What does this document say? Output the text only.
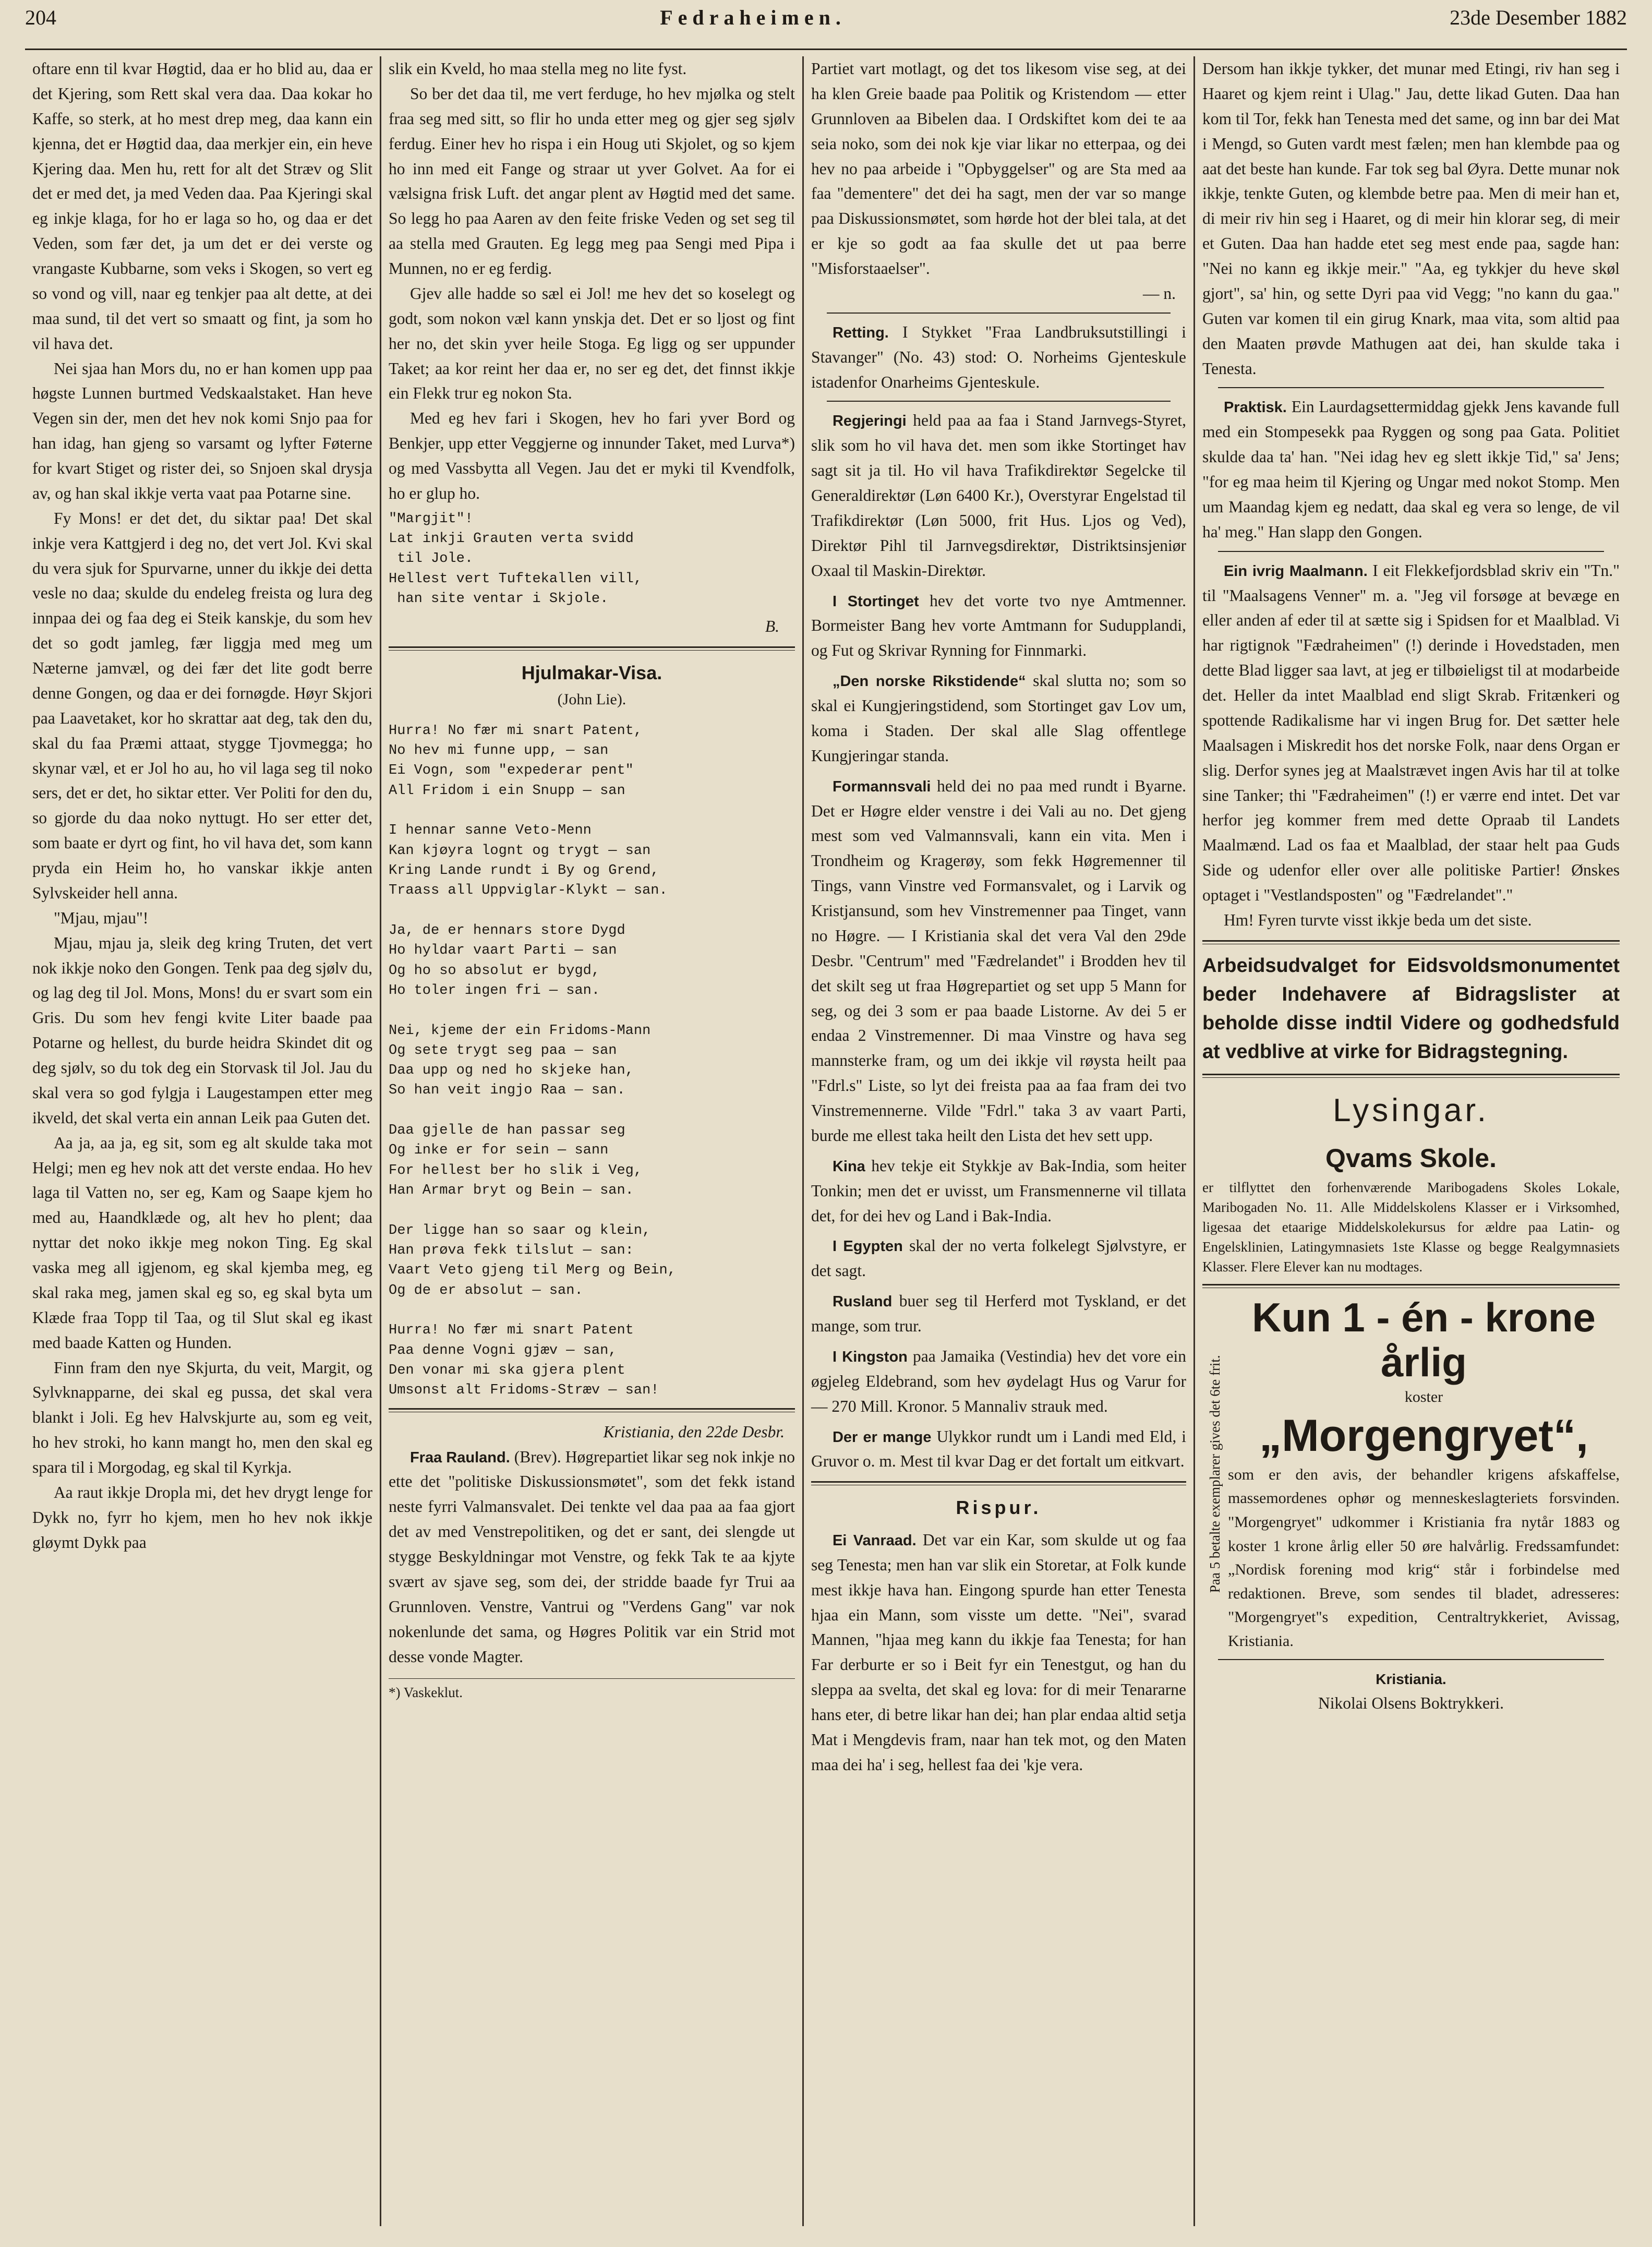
204	Fedraheimen.	23de Desember 1882

oftare enn til kvar Høgtid, daa er ho blid au, daa er det Kjering, som Rett skal vera daa. Daa kokar ho Kaffe, so sterk, at ho mest drep meg, daa kann ein kjenna, det er Høgtid daa, daa merkjer ein, ein heve Kjering daa. Men hu, rett for alt det Stræv og Slit det er med det, ja med Veden daa. Paa Kjeringi skal eg inkje klaga, for ho er laga so ho, og daa er det Veden, som fær det, ja um det er dei verste og vrangaste Kubbarne, som veks i Skogen, so vert eg so vond og vill, naar eg tenkjer paa alt dette, at dei maa sund, til det vert so smaatt og fint, ja som ho vil hava det.

Nei sjaa han Mors du, no er han komen upp paa høgste Lunnen burtmed Vedskaalstaket. Han heve Vegen sin der, men det hev nok komi Snjo paa for han idag, han gjeng so varsamt og lyfter Føterne for kvart Stiget og rister dei, so Snjoen skal drysja av, og han skal ikkje verta vaat paa Potarne sine.

Fy Mons! er det det, du siktar paa! Det skal inkje vera Kattgjerd i deg no, det vert Jol. Kvi skal du vera sjuk for Spurvarne, unner du ikkje dei detta vesle no daa; skulde du endeleg freista og lura deg innpaa dei og faa deg ei Steik kanskje, du som hev det so godt jamleg, fær liggja med meg um Næterne jamvæl, og dei fær det lite godt berre denne Gongen, og daa er dei fornøgde. Høyr Skjori paa Laavetaket, kor ho skrattar aat deg, tak den du, skal du faa Præmi attaat, stygge Tjovmegga; ho skynar væl, et er Jol ho au, ho vil laga seg til noko sers, det er det, ho siktar etter. Ver Politi for den du, so gjorde du daa noko nyttugt. Ho ser etter det, som baate er dyrt og fint, ho vil hava det, som kann pryda ein Heim ho, ho vanskar ikkje anten Sylvskeider hell anna.

"Mjau, mjau"!

Mjau, mjau ja, sleik deg kring Truten, det vert nok ikkje noko den Gongen. Tenk paa deg sjølv du, og lag deg til Jol. Mons, Mons! du er svart som ein Gris. Du som hev fengi kvite Liter baade paa Potarne og hellest, du burde heidra Skindet dit og deg sjølv, so du tok deg ein Storvask til Jol. Jau du skal vera so god fylgja i Laugestampen etter meg ikveld, det skal verta ein annan Leik paa Guten det.

Aa ja, aa ja, eg sit, som eg alt skulde taka mot Helgi; men eg hev nok att det verste endaa. Ho hev laga til Vatten no, ser eg, Kam og Saape kjem ho med au, Haandklæde og, alt hev ho plent; daa nyttar det noko ikkje meg nokon Ting. Eg skal vaska meg all igjenom, eg skal kjemba meg, eg skal raka meg, jamen skal eg so, eg skal byta um Klæde fraa Topp til Taa, og til Slut skal eg ikast med baade Katten og Hunden.

Finn fram den nye Skjurta, du veit, Margit, og Sylvknapparne, dei skal eg pussa, det skal vera blankt i Joli. Eg hev Halvskjurte au, som eg veit, ho hev stroki, ho kann mangt ho, men den skal eg spara til i Morgodag, eg skal til Kyrkja.

Aa raut ikkje Dropla mi, det hev drygt lenge for Dykk no, fyrr ho kjem, men ho hev nok ikkje gløymt Dykk paa

slik ein Kveld, ho maa stella meg no lite fyst.

So ber det daa til, me vert ferduge, ho hev mjølka og stelt fraa seg med sitt, so flir ho unda etter meg og gjer seg sjølv ferdug. Einer hev ho rispa i ein Houg uti Skjolet, og so kjem ho inn med eit Fange og straar ut yver Golvet. Aa for ei vælsigna frisk Luft. det angar plent av Høgtid med det same. So legg ho paa Aaren av den feite friske Veden og set seg til aa stella med Grauten. Eg legg meg paa Sengi med Pipa i Munnen, no er eg ferdig.

Gjev alle hadde so sæl ei Jol! me hev det so koselegt og godt, som nokon væl kann ynskja det. Det er so ljost og fint her no, det skin yver heile Stoga. Eg ligg og ser uppunder Taket; aa kor reint her daa er, no ser eg det, det finnst ikkje ein Flekk trur eg nokon Sta.

Med eg hev fari i Skogen, hev ho fari yver Bord og Benkjer, upp etter Veggjerne og innunder Taket, med Lurva*) og med Vassbytta all Vegen. Jau det er myki til Kvendfolk, ho er glup ho.

"Margjit"!
Lat inkji Grauten verta svidd
til Jole.
Hellest vert Tuftekallen vill,
han site ventar i Skjole.
B.
Hjulmakar-Visa.
(John Lie).
Hurra! No fær mi snart Patent,
No hev mi funne upp, — san
Ei Vogn, som "expederar pent"
All Fridom i ein Snupp — san

I hennar sanne Veto-Menn
Kan kjøyra lognt og trygt — san
Kring Lande rundt i By og Grend,
Traass all Uppviglar-Klykt — san.

Ja, de er hennars store Dygd
Ho hyldar vaart Parti — san
Og ho so absolut er bygd,
Ho toler ingen fri — san.

Nei, kjeme der ein Fridoms-Mann
Og sete trygt seg paa — san
Daa upp og ned ho skjeke han,
So han veit ingjo Raa — san.

Daa gjelle de han passar seg
Og inke er for sein — sann
For hellest ber ho slik i Veg,
Han Armar bryt og Bein — san.

Der ligge han so saar og klein,
Han prøva fekk tilslut — san:
Vaart Veto gjeng til Merg og Bein,
Og de er absolut — san.

Hurra! No fær mi snart Patent
Paa denne Vogni gjæv — san,
Den vonar mi ska gjera plent
Umsonst alt Fridoms-Stræv — san!
Kristiania, den 22de Desbr.

Fraa Rauland. (Brev). Høgrepartiet likar seg nok inkje no ette det "politiske Diskussionsmøtet", som det fekk istand neste fyrri Valmansvalet. Dei tenkte vel daa paa aa faa gjort det av med Venstrepolitiken, og det er sant, dei slengde ut stygge Beskyldningar mot Venstre, og fekk Tak te aa kjyte svært av sjave seg, som dei, der stridde baade fyr Trui aa Grunnloven. Venstre, Vantrui og "Verdens Gang" var nok nokenlunde det sama, og Høgres Politik var ein Strid mot desse vonde Magter.

*) Vaskeklut.

Partiet vart motlagt, og det tos likesom vise seg, at dei ha klen Greie baade paa Politik og Kristendom — etter Grunnloven aa Bibelen daa. I Ordskiftet kom dei te aa seia noko, som dei nok kje viar likar no etterpaa, og dei hev no paa arbeide i "Opbyggelser" og are Sta med aa faa "dementere" det dei ha sagt, men der var so mange paa Diskussionsmøtet, som hørde hot der blei tala, at det er kje so godt aa faa skulle det ut paa berre "Misforstaaelser".

— n.

Retting. I Stykket "Fraa Landbruksutstillingi i Stavanger" (No. 43) stod: O. Norheims Gjenteskule istadenfor Onarheims Gjenteskule.

Regjeringi held paa aa faa i Stand Jarnvegs-Styret, slik som ho vil hava det. men som ikke Stortinget hav sagt sit ja til. Ho vil hava Trafikdirektør Segelcke til Generaldirektør (Løn 6400 Kr.), Overstyrar Engelstad til Trafikdirektør (Løn 5000, frit Hus. Ljos og Ved), Direktør Pihl til Jarnvegsdirektør, Distriktsinsjeniør Oxaal til Maskin-Direktør.

I Stortinget hev det vorte tvo nye Amtmenner. Bormeister Bang hev vorte Amtmann for Sudupplandi, og Fut og Skrivar Rynning for Finnmarki.

„Den norske Rikstidende“ skal slutta no; som so skal ei Kungjeringstidend, som Stortinget gav Lov um, koma i Staden. Der skal alle Slag offentlege Kungjeringar standa.

Formannsvali held dei no paa med rundt i Byarne. Det er Høgre elder venstre i dei Vali au no. Det gjeng mest som ved Valmannsvali, kann ein vita. Men i Trondheim og Kragerøy, som fekk Høgremenner til Tings, vann Vinstre ved Formansvalet, og i Larvik og Kristjansund, som hev Vinstremenner paa Tinget, vann no Høgre. — I Kristiania skal det vera Val den 29de Desbr. "Centrum" med "Fædrelandet" i Brodden hev til det skilt seg ut fraa Høgrepartiet og set upp 5 Mann for seg, og dei 3 som er paa baade Listorne. Av dei 5 er endaa 2 Vinstremenner. Di maa Vinstre og hava seg mannsterke fram, og um dei ikkje vil røysta heilt paa "Fdrl.s" Liste, so lyt dei freista paa aa faa fram dei tvo Vinstremennerne. Vilde "Fdrl." taka 3 av vaart Parti, burde me ellest taka heilt den Lista det hev sett upp.

Kina hev tekje eit Stykkje av Bak-India, som heiter Tonkin; men det er uvisst, um Fransmennerne vil tillata det, for dei hev og Land i Bak-India.

I Egypten skal der no verta folkelegt Sjølvstyre, er det sagt.

Rusland buer seg til Herferd mot Tyskland, er det mange, som trur.

I Kingston paa Jamaika (Vestindia) hev det vore ein øgjeleg Eldebrand, som hev øydelagt Hus og Varur for — 270 Mill. Kronor. 5 Mannaliv strauk med.

Der er mange Ulykkor rundt um i Landi med Eld, i Gruvor o. m. Mest til kvar Dag er det fortalt um eitkvart.

Rispur.

Ei Vanraad. Det var ein Kar, som skulde ut og faa seg Tenesta; men han var slik ein Storetar, at Folk kunde mest ikkje hava han. Eingong spurde han etter Tenesta hjaa ein Mann, som visste um dette. "Nei", svarad Mannen, "hjaa meg kann du ikkje faa Tenesta; for han Far derburte er so i Beit fyr ein Tenestgut, og han du sleppa aa svelta, det skal eg lova: for di meir Tenararne hans eter, di betre likar han dei; han plar endaa altid setja Mat i Mengdevis fram, naar han tek mot, og den Maten maa dei ha' i seg, hellest faa dei 'kje vera.

Dersom han ikkje tykker, det munar med Etingi, riv han seg i Haaret og kjem reint i Ulag." Jau, dette likad Guten. Daa han kom til Tor, fekk han Tenesta med det same, og inn bar dei Mat i Mengd, so Guten vardt mest fælen; men han klembde paa og aat det beste han kunde. Far tok seg bal Øyra. Dette munar nok ikkje, tenkte Guten, og klembde betre paa. Men di meir han et, di meir riv hin seg i Haaret, og di meir hin klorar seg, di meir et Guten. Daa han hadde etet seg mest ende paa, sagde han: "Nei no kann eg ikkje meir." "Aa, eg tykkjer du heve skøl gjort", sa' hin, og sette Dyri paa vid Vegg; "no kann du gaa." Guten var komen til ein girug Knark, maa vita, som altid paa den Maaten prøvde Mathugen aat dei, han skulde taka i Tenesta.

Praktisk. Ein Laurdagsettermiddag gjekk Jens kavande full med ein Stompesekk paa Ryggen og song paa Gata. Politiet skulde daa ta' han. "Nei idag hev eg slett ikkje Tid," sa' Jens; "for eg maa heim til Kjering og Ungar med nokot Stomp. Men um Maandag kjem eg nedatt, daa skal eg vera so lenge, de vil ha' meg." Han slapp den Gongen.

Ein ivrig Maalmann. I eit Flekkefjordsblad skriv ein "Tn." til "Maalsagens Venner" m. a. "Jeg vil forsøge at bevæge en eller anden af eder til at sætte sig i Spidsen for et Maalblad. Vi har rigtignok "Fædraheimen" (!) derinde i Hovedstaden, men dette Blad ligger saa lavt, at jeg er tilbøieligst til at modarbeide det. Heller da intet Maalblad end sligt Skrab. Fritænkeri og spottende Radikalisme har vi ingen Brug for. Det sætter hele Maalsagen i Miskredit hos det norske Folk, naar dens Organ er slig. Derfor synes jeg at Maalstrævet ingen Avis har til at tolke sine Tanker; thi "Fædraheimen" (!) er værre end intet. Det var herfor jeg kommer frem med dette Opraab til Landets Maalmænd. Lad os faa et Maalblad, der staar helt paa Guds Side og udenfor eller over alle politiske Partier! Ønskes optaget i "Vestlandsposten" og "Fædrelandet"."

Hm! Fyren turvte visst ikkje beda um det siste.

Arbeidsudvalget for Eidsvoldsmonumentet beder Indehavere af Bidragslister at beholde disse indtil Videre og godhedsfuld at vedblive at virke for Bidragstegning.
Lysingar.
Qvams Skole.

er tilflyttet den forhenværende Maribogadens Skoles Lokale, Maribogaden No. 11. Alle Middelskolens Klasser er i Virksomhed, ligesaa det etaarige Middelskolekursus for ældre paa Latin- og Engelsklinien, Latingymnasiets 1ste Klasse og begge Realgymnasiets Klasser. Flere Elever kan nu modtages.

Paa 5 betalte exemplarer gives det 6te frit.
Kun 1 - én - krone årlig
koster
„Morgengryet“,

som er den avis, der behandler krigens afskaffelse, massemordenes ophør og menneskeslagteriets forsvinden. "Morgengryet" udkommer i Kristiania fra nytår 1883 og koster 1 krone årlig eller 50 øre halvårlig. Fredssamfundet: „Nordisk forening mod krig“ står i forbindelse med redaktionen. Breve, som sendes til bladet, adresseres: "Morgengryet"s expedition, Centraltrykkeriet, Avissag, Kristiania.

Kristiania.
Nikolai Olsens Boktrykkeri.
